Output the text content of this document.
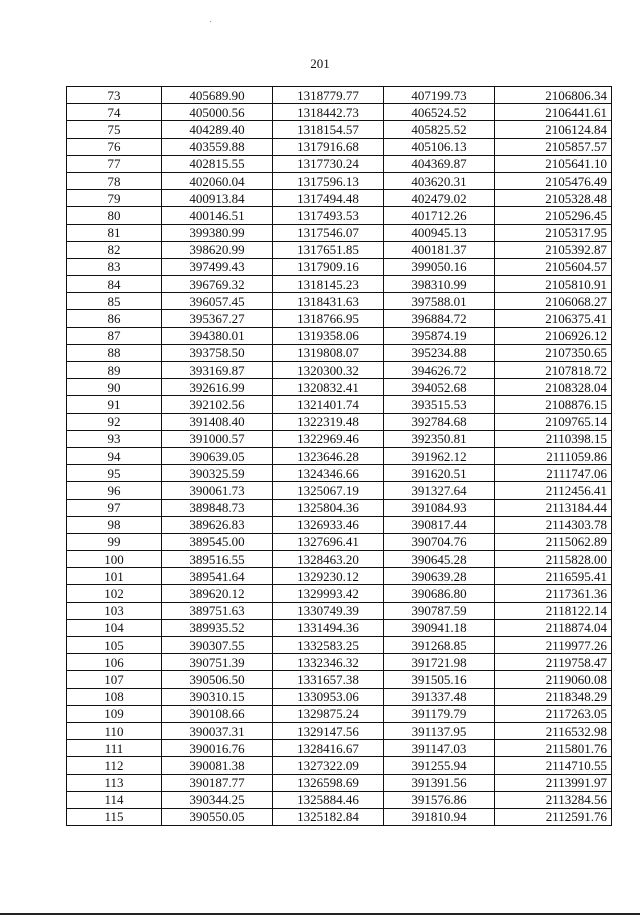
201
73	405689.90	1318779.77	407199.73	2106806.34
74	405000.56	1318442.73	406524.52	2106441.61
75	404289.40	1318154.57	405825.52	2106124.84
76	403559.88	1317916.68	405106.13	2105857.57
77	402815.55	1317730.24	404369.87	2105641.10
78	402060.04	1317596.13	403620.31	2105476.49
79	400913.84	1317494.48	402479.02	2105328.48
80	400146.51	1317493.53	401712.26	2105296.45
81	399380.99	1317546.07	400945.13	2105317.95
82	398620.99	1317651.85	400181.37	2105392.87
83	397499.43	1317909.16	399050.16	2105604.57
84	396769.32	1318145.23	398310.99	2105810.91
85	396057.45	1318431.63	397588.01	2106068.27
86	395367.27	1318766.95	396884.72	2106375.41
87	394380.01	1319358.06	395874.19	2106926.12
88	393758.50	1319808.07	395234.88	2107350.65
89	393169.87	1320300.32	394626.72	2107818.72
90	392616.99	1320832.41	394052.68	2108328.04
91	392102.56	1321401.74	393515.53	2108876.15
92	391408.40	1322319.48	392784.68	2109765.14
93	391000.57	1322969.46	392350.81	2110398.15
94	390639.05	1323646.28	391962.12	2111059.86
95	390325.59	1324346.66	391620.51	2111747.06
96	390061.73	1325067.19	391327.64	2112456.41
97	389848.73	1325804.36	391084.93	2113184.44
98	389626.83	1326933.46	390817.44	2114303.78
99	389545.00	1327696.41	390704.76	2115062.89
100	389516.55	1328463.20	390645.28	2115828.00
101	389541.64	1329230.12	390639.28	2116595.41
102	389620.12	1329993.42	390686.80	2117361.36
103	389751.63	1330749.39	390787.59	2118122.14
104	389935.52	1331494.36	390941.18	2118874.04
105	390307.55	1332583.25	391268.85	2119977.26
106	390751.39	1332346.32	391721.98	2119758.47
107	390506.50	1331657.38	391505.16	2119060.08
108	390310.15	1330953.06	391337.48	2118348.29
109	390108.66	1329875.24	391179.79	2117263.05
110	390037.31	1329147.56	391137.95	2116532.98
111	390016.76	1328416.67	391147.03	2115801.76
112	390081.38	1327322.09	391255.94	2114710.55
113	390187.77	1326598.69	391391.56	2113991.97
114	390344.25	1325884.46	391576.86	2113284.56
115	390550.05	1325182.84	391810.94	2112591.76
